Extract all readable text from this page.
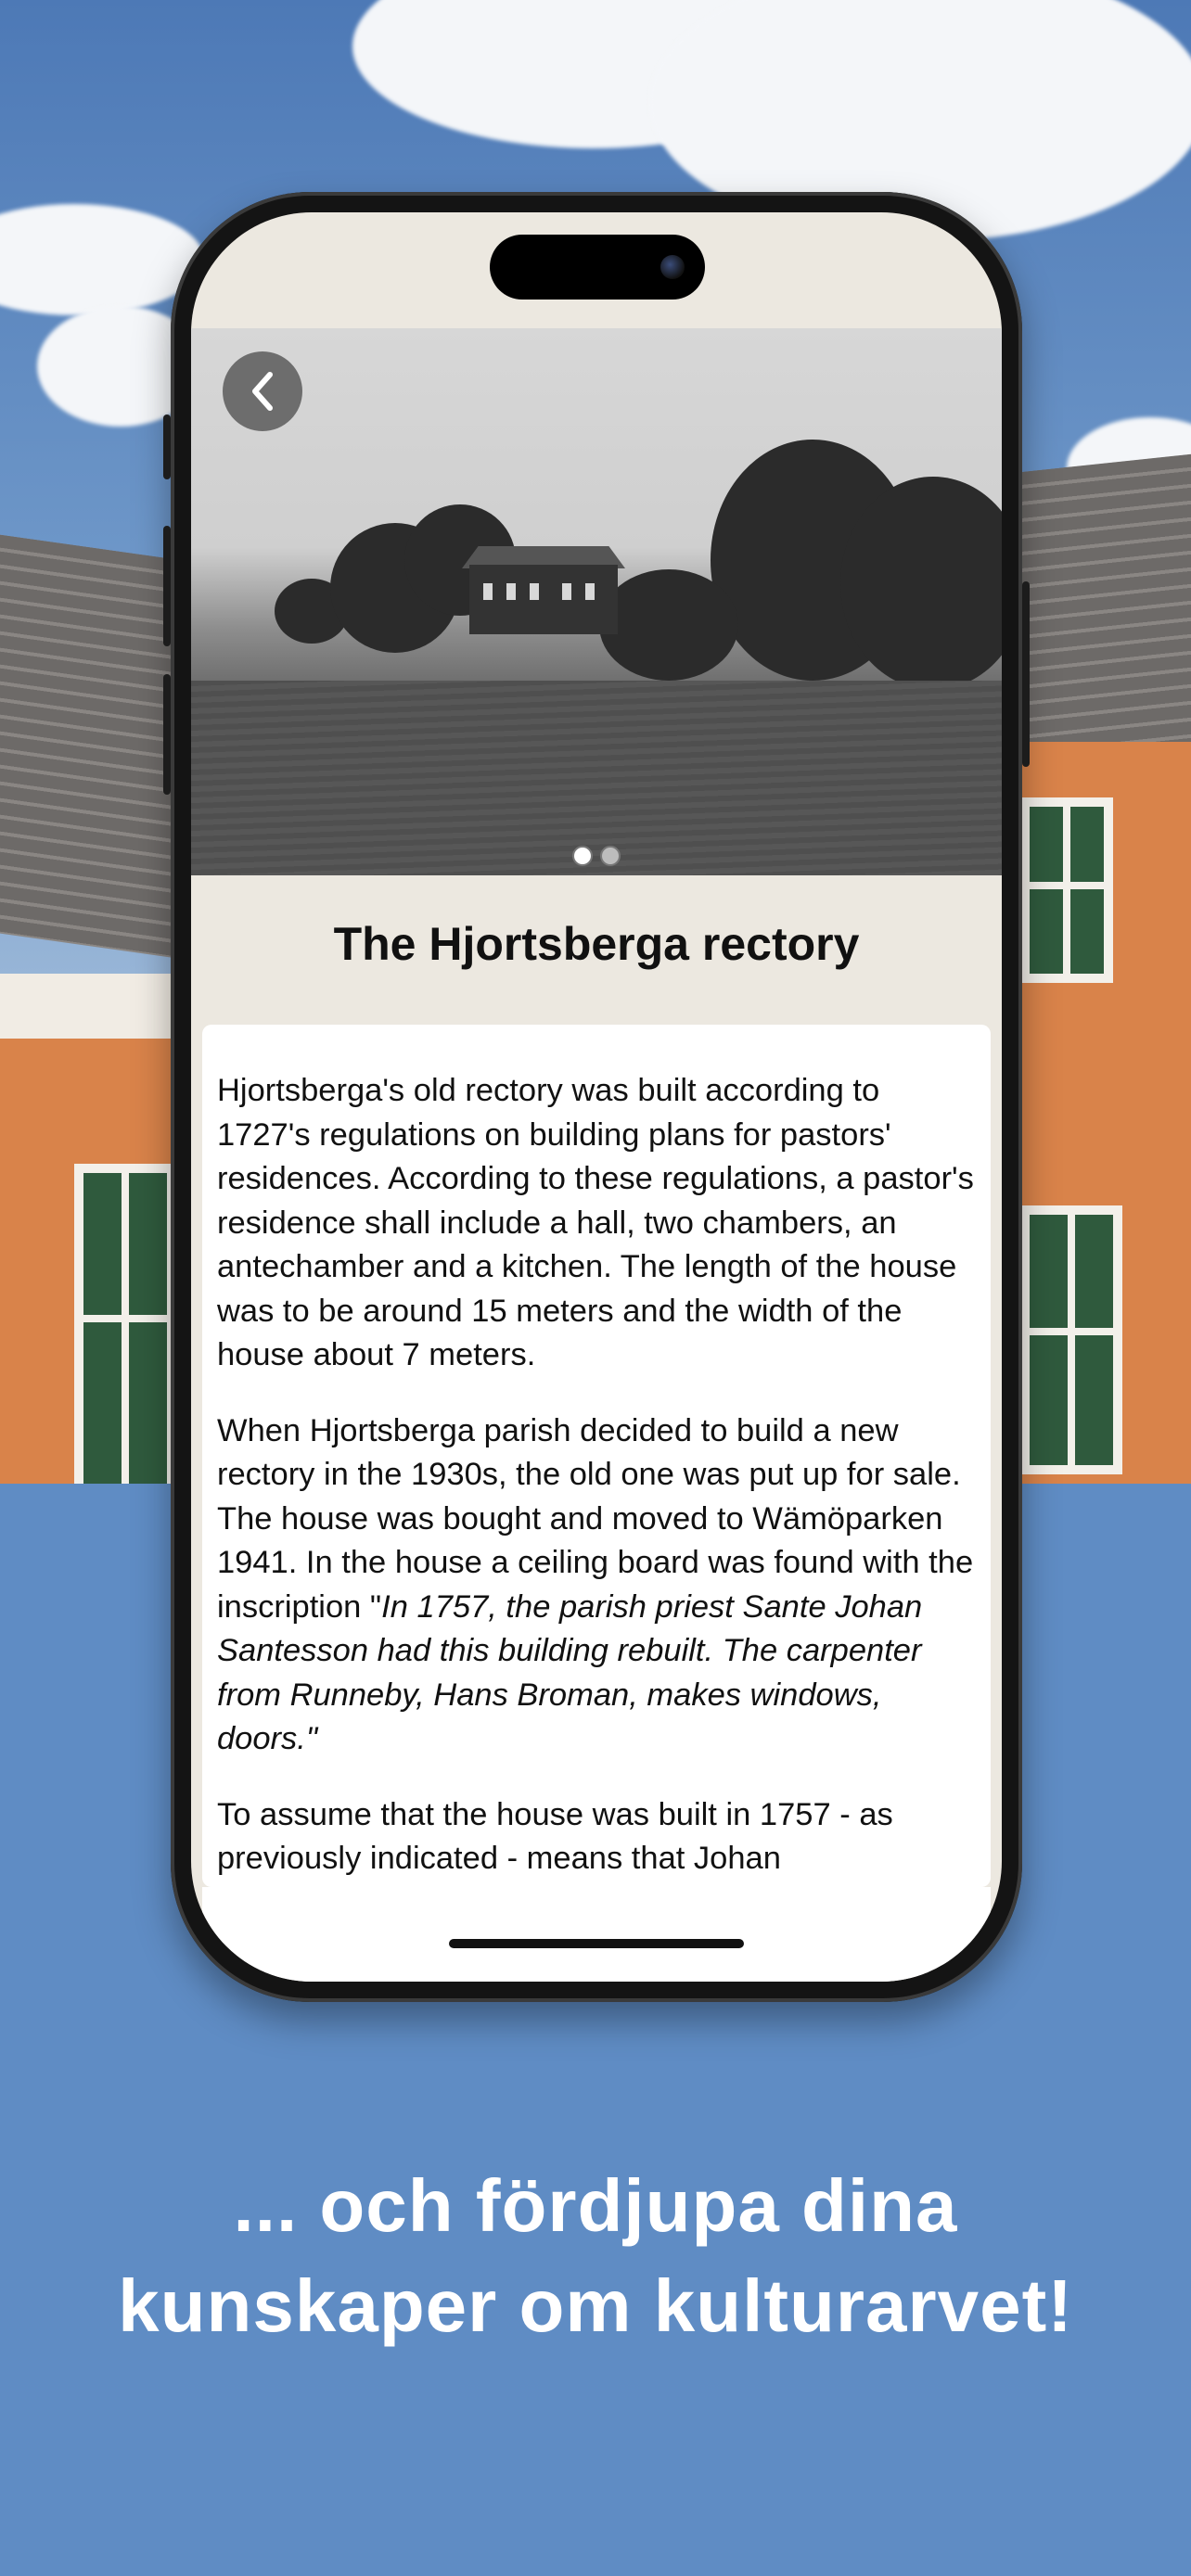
... och fördjupa dina
kunskaper om kulturarvet!

The Hjortsberga rectory

Hjortsberga's old rectory was built according to 1727's regulations on building plans for pastors' residences. According to these regulations, a pastor's residence shall include a hall, two chambers, an antechamber and a kitchen. The length of the house was to be around 15 meters and the width of the house about 7 meters.

When Hjortsberga parish decided to build a new rectory in the 1930s, the old one was put up for sale. The house was bought and moved to Wämöparken 1941. In the house a ceiling board was found with the inscription "In 1757, the parish priest Sante Johan Santesson had this building rebuilt. The carpenter from Runneby, Hans Broman, makes windows, doors."

To assume that the house was built in 1757 - as previously indicated - means that Johan
